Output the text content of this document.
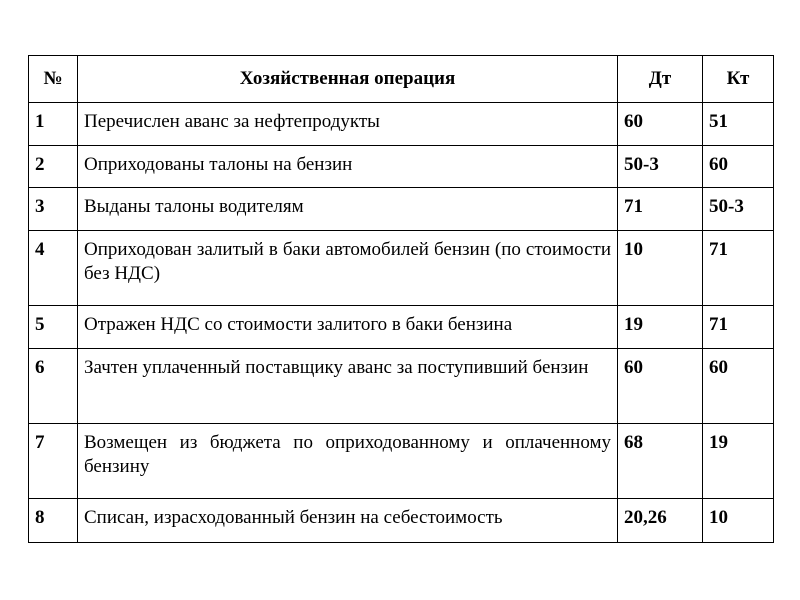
№	Хозяйственная операция	Дт	Кт

1	Перечислен аванс за нефтепродукты	60	51

2	Оприходованы талоны на бензин	50-3	60

3	Выданы талоны водителям	71	50-3

4	Оприходован залитый в баки автомобилей бензин (по стоимости без НДС)	10	71

5	Отражен НДС со стоимости залитого в баки бензина	19	71

6	Зачтен уплаченный поставщику аванс за поступивший бензин	60	60

7	Возмещен из бюджета по оприходованному и оплаченному бензину	68	19

8	Списан, израсходованный бензин на себестоимость	20,26	10
